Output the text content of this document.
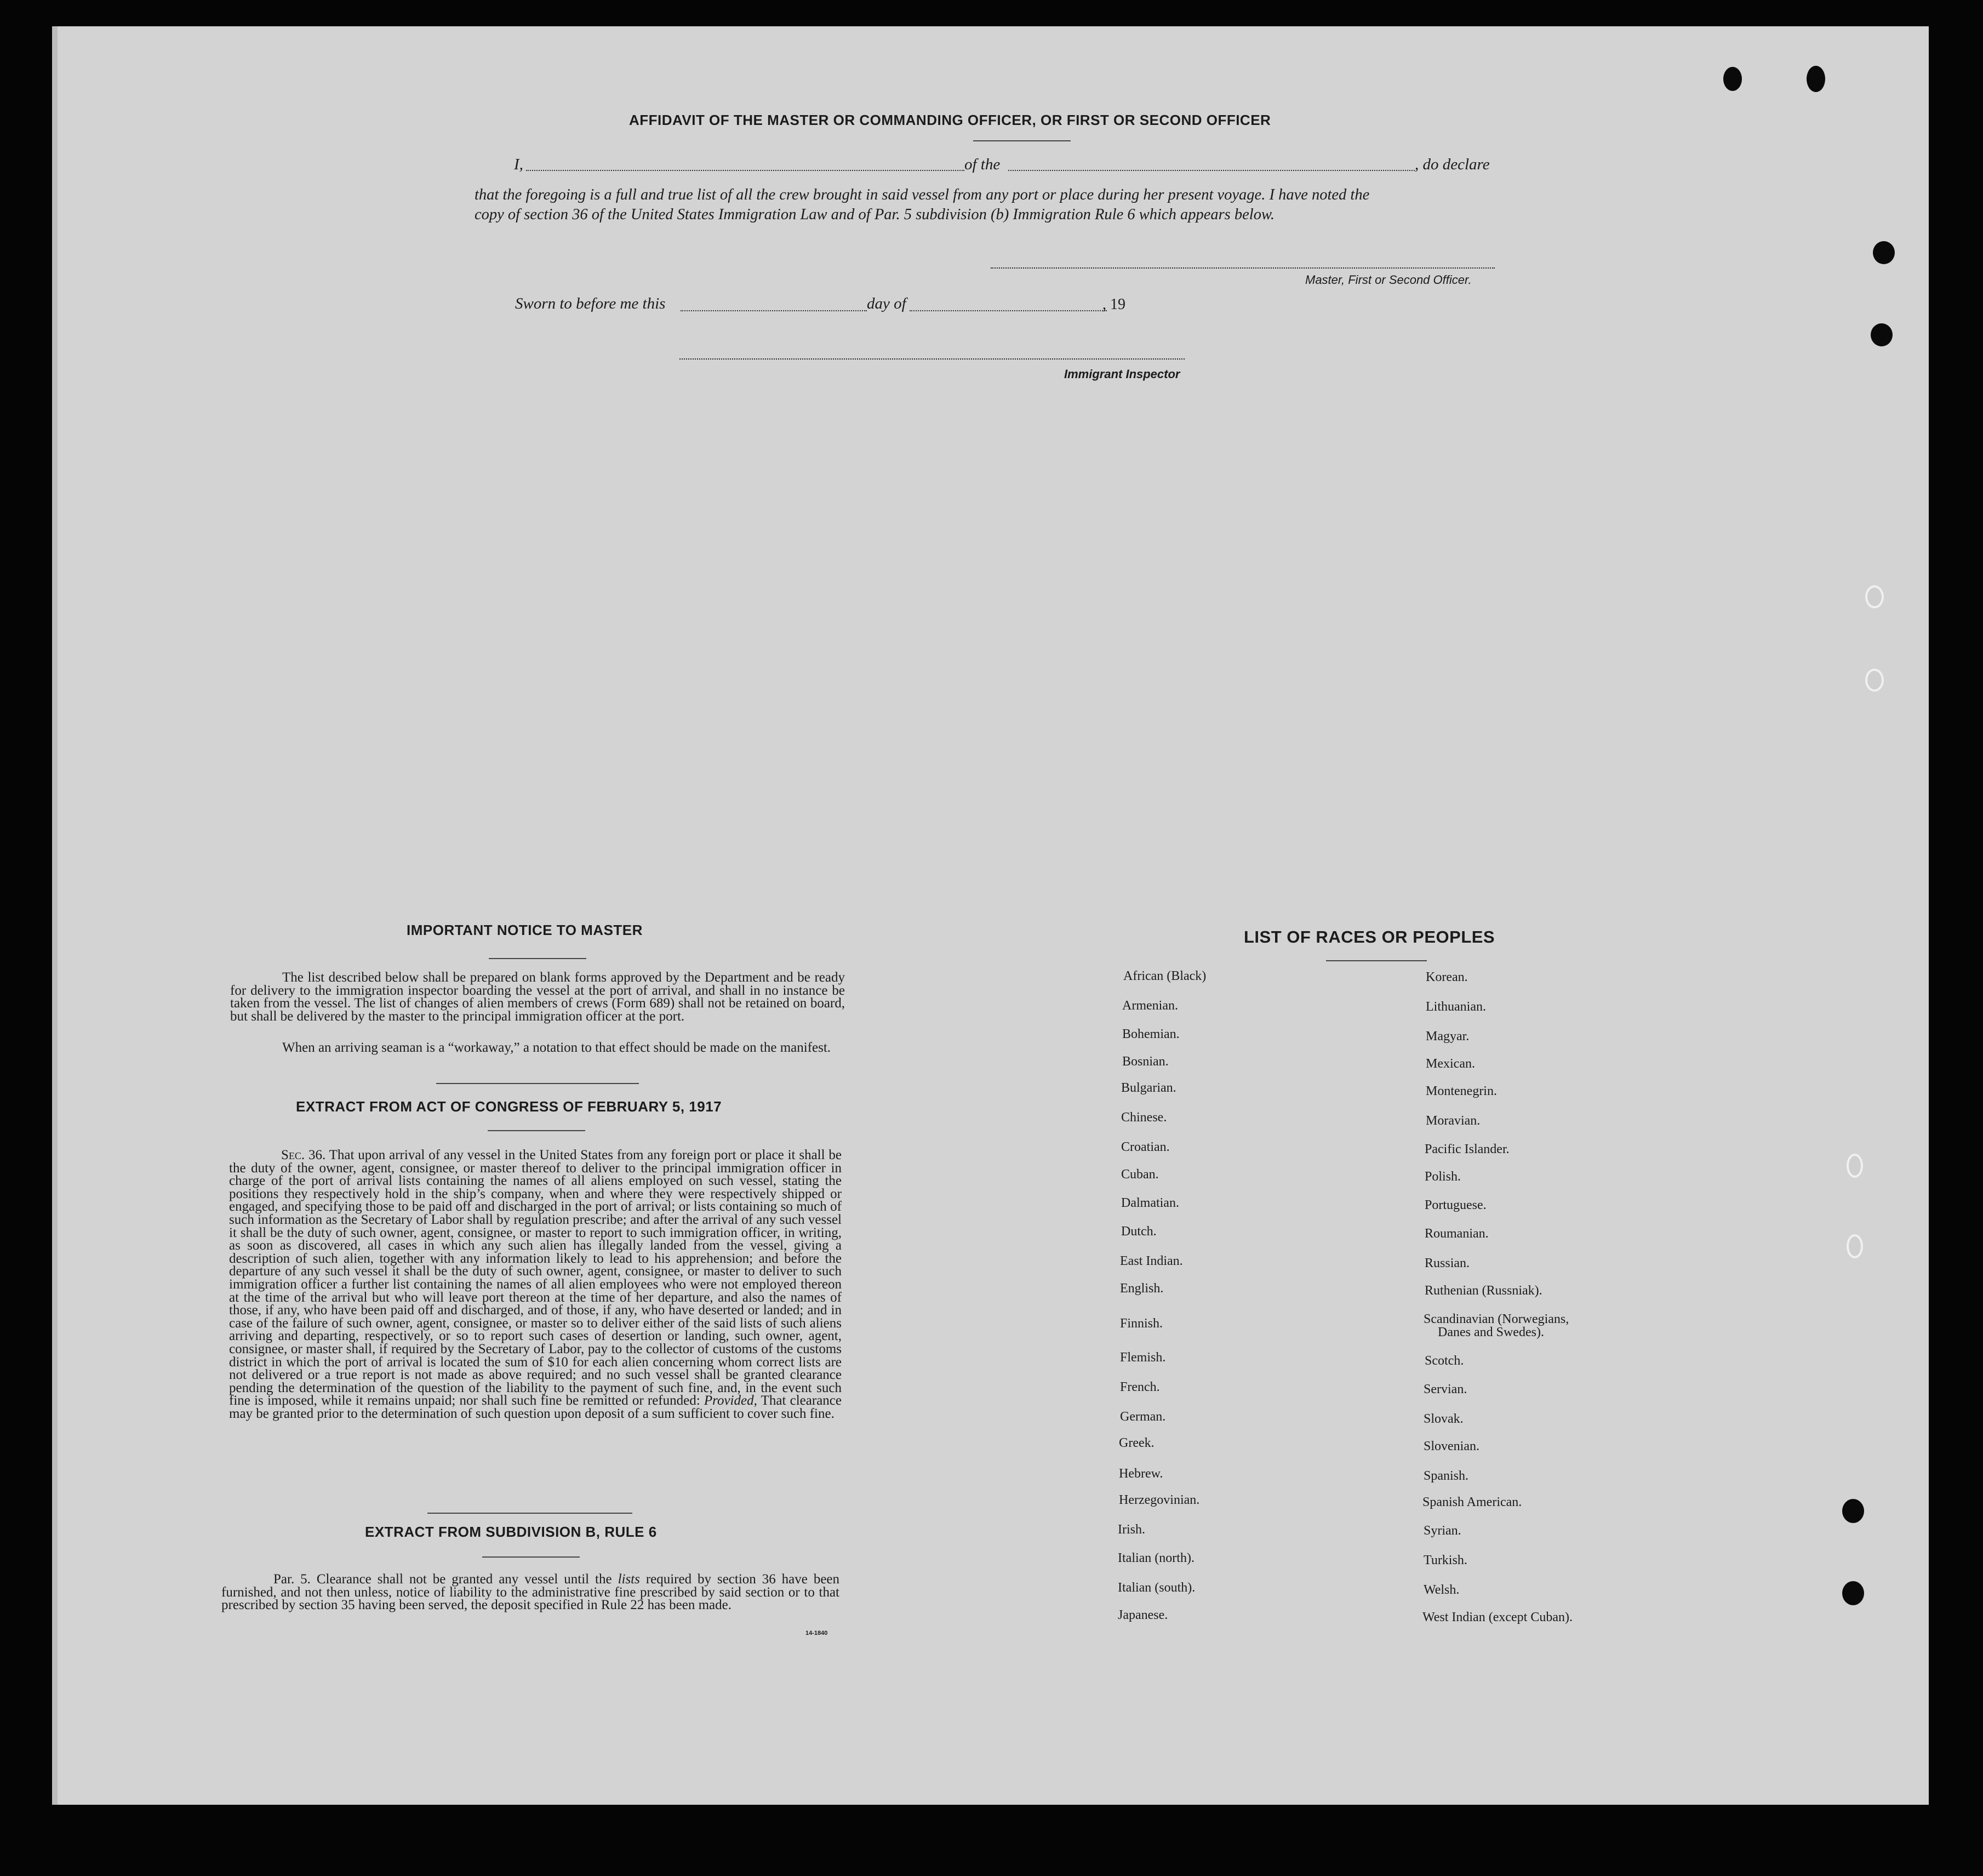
AFFIDAVIT OF THE MASTER OR COMMANDING OFFICER, OR FIRST OR SECOND OFFICER
I,	of the	, do declare
that the foregoing is a full and true list of all the crew brought in said vessel from any port or place during her present voyage. I have noted the
copy of section 36 of the United States Immigration Law and of Par. 5 subdivision (b) Immigration Rule 6 which appears below.
Master, First or Second Officer.
Sworn to before me this	day of	, 19
Immigrant Inspector
IMPORTANT NOTICE TO MASTER
The list described below shall be prepared on blank forms approved by the Department and be ready for delivery to the immigration inspector boarding the vessel at the port of arrival, and shall in no instance be taken from the vessel. The list of changes of alien members of crews (Form 689) shall not be retained on board, but shall be delivered by the master to the principal immigration officer at the port.
When an arriving seaman is a “workaway,” a notation to that effect should be made on the manifest.
EXTRACT FROM ACT OF CONGRESS OF FEBRUARY 5, 1917
Sec. 36. That upon arrival of any vessel in the United States from any foreign port or place it shall be the duty of the owner, agent, consignee, or master thereof to deliver to the principal immigration officer in charge of the port of arrival lists containing the names of all aliens employed on such vessel, stating the positions they respectively hold in the ship’s company, when and where they were respectively shipped or engaged, and specifying those to be paid off and discharged in the port of arrival; or lists containing so much of such information as the Secretary of Labor shall by regulation prescribe; and after the arrival of any such vessel it shall be the duty of such owner, agent, consignee, or master to report to such immigration officer, in writing, as soon as discovered, all cases in which any such alien has illegally landed from the vessel, giving a description of such alien, together with any information likely to lead to his apprehension; and before the departure of any such vessel it shall be the duty of such owner, agent, consignee, or master to deliver to such immigration officer a further list containing the names of all alien employees who were not employed thereon at the time of the arrival but who will leave port thereon at the time of her departure, and also the names of those, if any, who have been paid off and discharged, and of those, if any, who have deserted or landed; and in case of the failure of such owner, agent, consignee, or master so to deliver either of the said lists of such aliens arriving and departing, respectively, or so to report such cases of desertion or landing, such owner, agent, consignee, or master shall, if required by the Secretary of Labor, pay to the collector of customs of the customs district in which the port of arrival is located the sum of $10 for each alien concerning whom correct lists are not delivered or a true report is not made as above required; and no such vessel shall be granted clearance pending the determination of the question of the liability to the payment of such fine, and, in the event such fine is imposed, while it remains unpaid; nor shall such fine be remitted or refunded: Provided, That clearance may be granted prior to the determination of such question upon deposit of a sum sufficient to cover such fine.
EXTRACT FROM SUBDIVISION B, RULE 6
Par. 5. Clearance shall not be granted any vessel until the lists required by section 36 have been furnished, and not then unless, notice of liability to the administrative fine prescribed by said section or to that prescribed by section 35 having been served, the deposit specified in Rule 22 has been made.
14-1840
LIST OF RACES OR PEOPLES
African (Black)
Armenian.
Bohemian.
Bosnian.
Bulgarian.
Chinese.
Croatian.
Cuban.
Dalmatian.
Dutch.
East Indian.
English.
Finnish.
Flemish.
French.
German.
Greek.
Hebrew.
Herzegovinian.
Irish.
Italian (north).
Italian (south).
Japanese.
Korean.
Lithuanian.
Magyar.
Mexican.
Montenegrin.
Moravian.
Pacific Islander.
Polish.
Portuguese.
Roumanian.
Russian.
Ruthenian (Russniak).
Scandinavian (Norwegians,
Danes and Swedes).
Scotch.
Servian.
Slovak.
Slovenian.
Spanish.
Spanish American.
Syrian.
Turkish.
Welsh.
West Indian (except Cuban).
